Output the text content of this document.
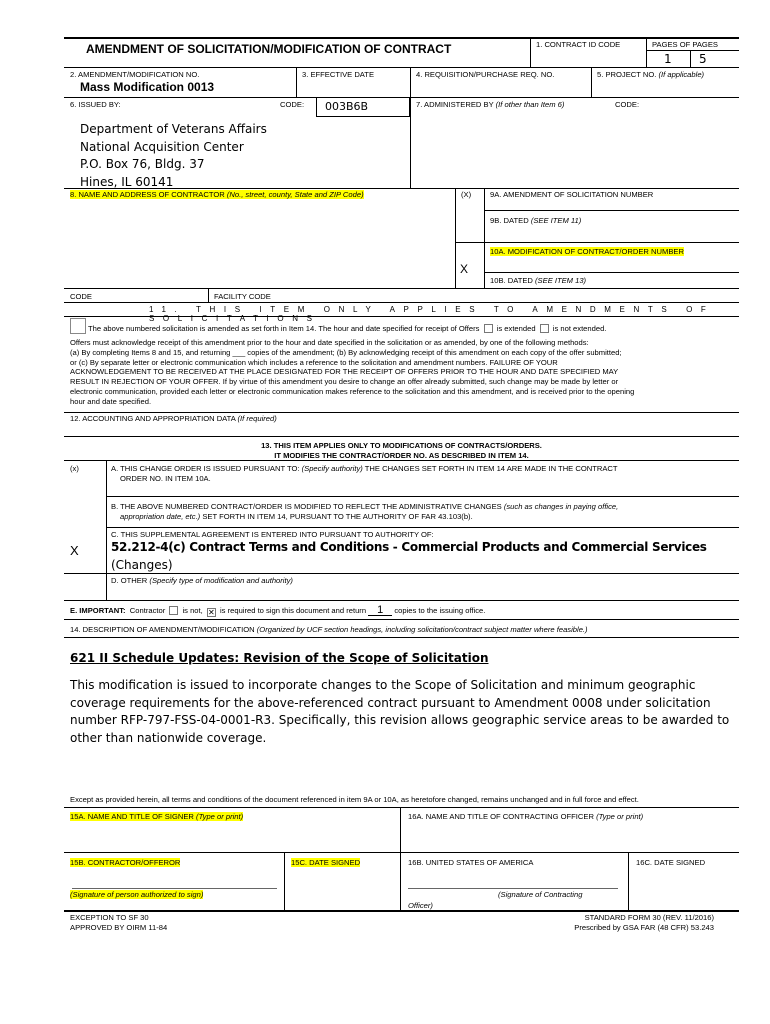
AMENDMENT OF SOLICITATION/MODIFICATION OF CONTRACT	1. CONTRACT ID CODE	PAGES OF PAGES
1 5
2. AMENDMENT/MODIFICATION NO.
Mass Modification 0013
3. EFFECTIVE DATE	4. REQUISITION/PURCHASE REQ. NO.	5. PROJECT NO. (If applicable)
6. ISSUED BY:	CODE:	003B6B	7. ADMINISTERED BY (If other than Item 6)	CODE:
Department of Veterans Affairs
National Acquisition Center
P.O. Box 76, Bldg. 37
Hines, IL 60141
8. NAME AND ADDRESS OF CONTRACTOR (No., street, county, State and ZIP Code)	(X) 9A. AMENDMENT OF SOLICITATION NUMBER
9B. DATED (SEE ITEM 11)
10A. MODIFICATION OF CONTRACT/ORDER NUMBER
X
10B. DATED (SEE ITEM 13)
CODE	FACILITY CODE
11. THIS ITEM ONLY APPLIES TO AMENDMENTS OF SOLICITATIONS
The above numbered solicitation is amended as set forth in Item 14. The hour and date specified for receipt of Offers is extended is not extended.
Offers must acknowledge receipt of this amendment prior to the hour and date specified in the solicitation or as amended, by one of the following methods:
(a) By completing Items 8 and 15, and returning ___ copies of the amendment; (b) By acknowledging receipt of this amendment on each copy of the offer submitted;
or (c) By separate letter or electronic communication which includes a reference to the solicitation and amendment numbers. FAILURE OF YOUR
ACKNOWLEDGEMENT TO BE RECEIVED AT THE PLACE DESIGNATED FOR THE RECEIPT OF OFFERS PRIOR TO THE HOUR AND DATE SPECIFIED MAY
RESULT IN REJECTION OF YOUR OFFER. If by virtue of this amendment you desire to change an offer already submitted, such change may be made by letter or
electronic communication, provided each letter or electronic communication makes reference to the solicitation and this amendment, and is received prior to the opening
hour and date specified.
12. ACCOUNTING AND APPROPRIATION DATA (If required)
13. THIS ITEM APPLIES ONLY TO MODIFICATIONS OF CONTRACTS/ORDERS.
IT MODIFIES THE CONTRACT/ORDER NO. AS DESCRIBED IN ITEM 14.
(x)	A. THIS CHANGE ORDER IS ISSUED PURSUANT TO: (Specify authority) THE CHANGES SET FORTH IN ITEM 14 ARE MADE IN THE CONTRACT
ORDER NO. IN ITEM 10A.
B. THE ABOVE NUMBERED CONTRACT/ORDER IS MODIFIED TO REFLECT THE ADMINISTRATIVE CHANGES (such as changes in paying office,
appropriation date, etc.) SET FORTH IN ITEM 14, PURSUANT TO THE AUTHORITY OF FAR 43.103(b).
C. THIS SUPPLEMENTAL AGREEMENT IS ENTERED INTO PURSUANT TO AUTHORITY OF:
X	52.212-4(c) Contract Terms and Conditions - Commercial Products and Commercial Services
(Changes)
D. OTHER (Specify type of modification and authority)
E. IMPORTANT: Contractor is not, ✕ is required to sign this document and return 1 copies to the issuing office.
14. DESCRIPTION OF AMENDMENT/MODIFICATION (Organized by UCF section headings, including solicitation/contract subject matter where feasible.)
621 II Schedule Updates: Revision of the Scope of Solicitation
This modification is issued to incorporate changes to the Scope of Solicitation and minimum geographic coverage requirements for the above-referenced contract pursuant to Amendment 0008 under solicitation number RFP-797-FSS-04-0001-R3. Specifically, this revision allows geographic service areas to be awarded to other than nationwide coverage.
Except as provided herein, all terms and conditions of the document referenced in item 9A or 10A, as heretofore changed, remains unchanged and in full force and effect.
15A. NAME AND TITLE OF SIGNER (Type or print)	16A. NAME AND TITLE OF CONTRACTING OFFICER (Type or print)
15B. CONTRACTOR/OFFEROR	15C. DATE SIGNED	16B. UNITED STATES OF AMERICA	16C. DATE SIGNED
(Signature of person authorized to sign)	(Signature of Contracting
Officer)
EXCEPTION TO SF 30
APPROVED BY OIRM 11-84
STANDARD FORM 30 (REV. 11/2016)
Prescribed by GSA FAR (48 CFR) 53.243
